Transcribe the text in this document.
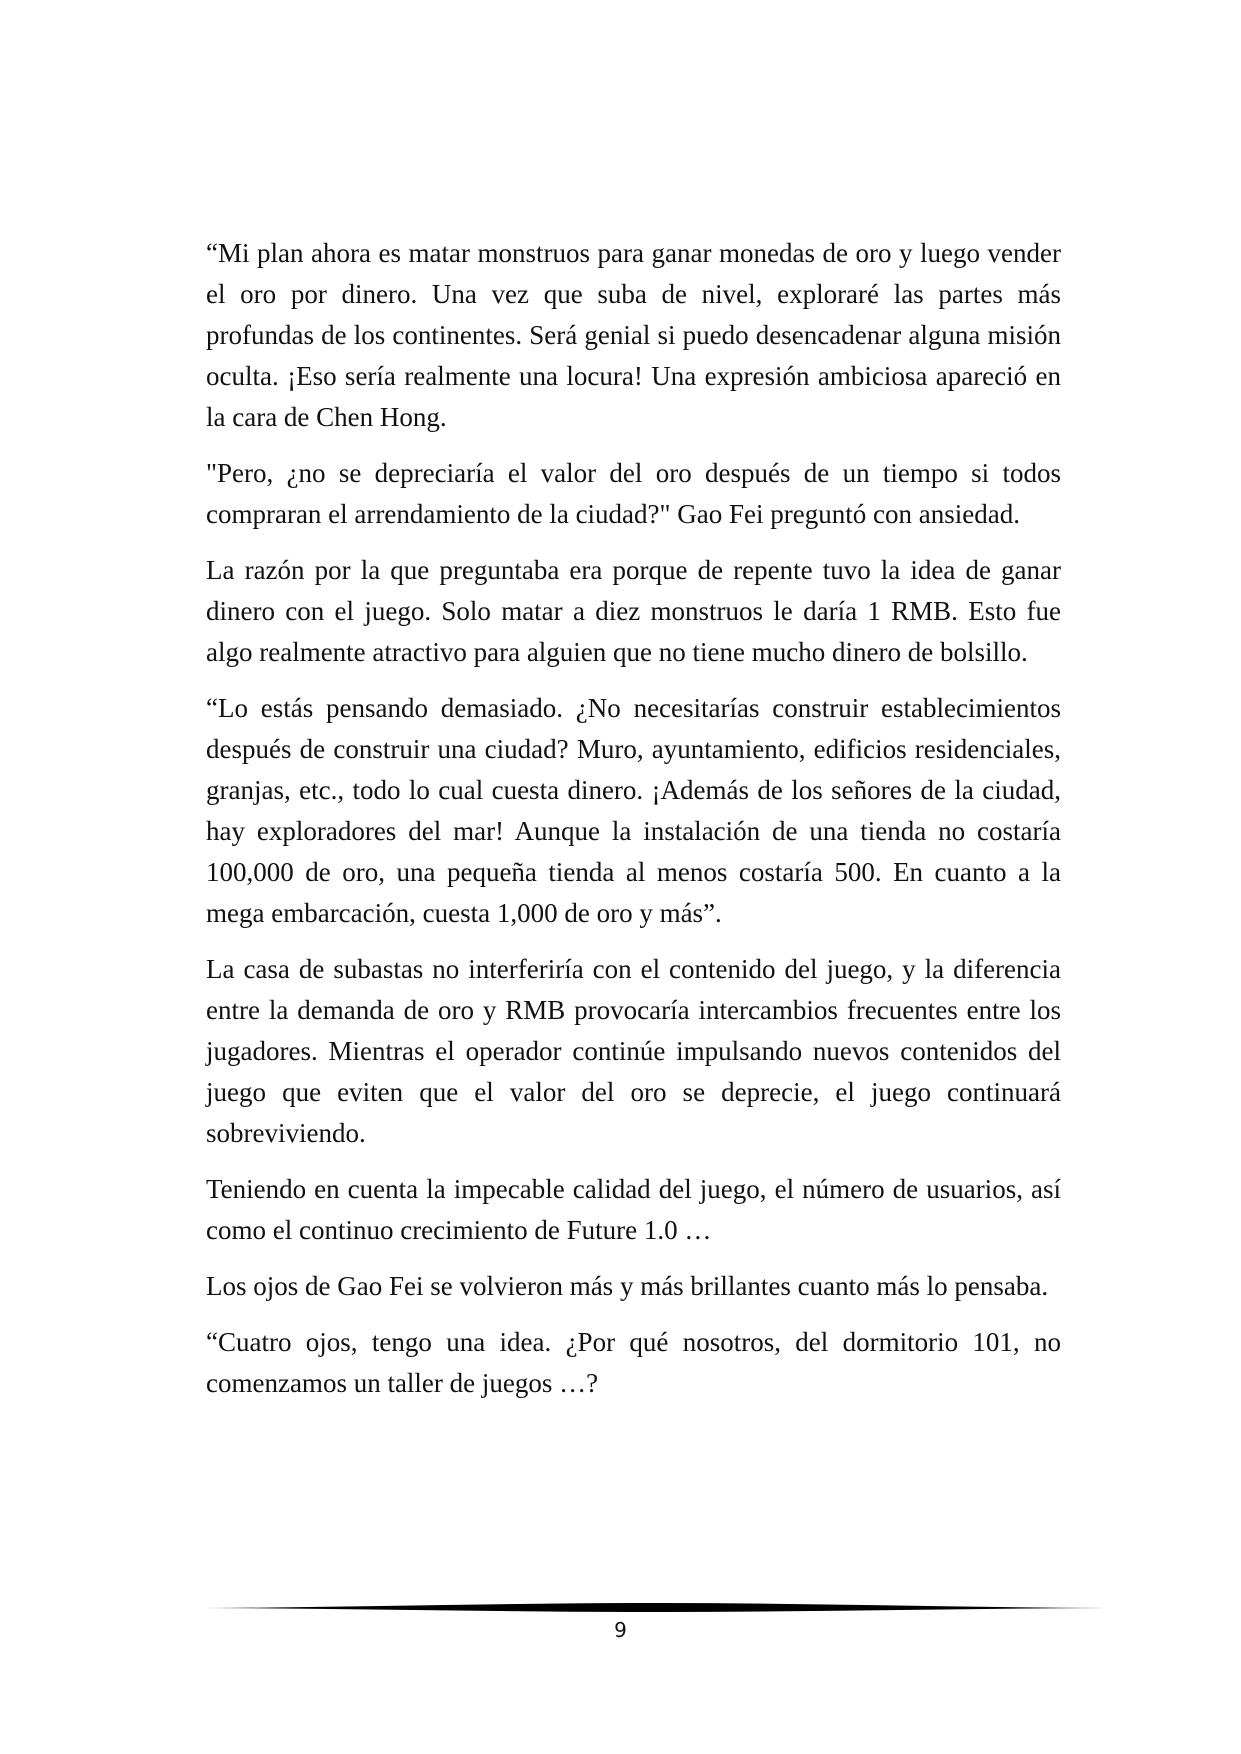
“Mi plan ahora es matar monstruos para ganar monedas de oro y luego vender el oro por dinero. Una vez que suba de nivel, exploraré las partes más profundas de los continentes. Será genial si puedo desencadenar alguna misión oculta. ¡Eso sería realmente una locura! Una expresión ambiciosa apareció en la cara de Chen Hong.

"Pero, ¿no se depreciaría el valor del oro después de un tiempo si todos compraran el arrendamiento de la ciudad?" Gao Fei preguntó con ansiedad.

La razón por la que preguntaba era porque de repente tuvo la idea de ganar dinero con el juego. Solo matar a diez monstruos le daría 1 RMB. Esto fue algo realmente atractivo para alguien que no tiene mucho dinero de bolsillo.

“Lo estás pensando demasiado. ¿No necesitarías construir establecimientos después de construir una ciudad? Muro, ayuntamiento, edificios residenciales, granjas, etc., todo lo cual cuesta dinero. ¡Además de los señores de la ciudad, hay exploradores del mar! Aunque la instalación de una tienda no costaría 100,000 de oro, una pequeña tienda al menos costaría 500. En cuanto a la mega embarcación, cuesta 1,000 de oro y más”.

La casa de subastas no interferiría con el contenido del juego, y la diferencia entre la demanda de oro y RMB provocaría intercambios frecuentes entre los jugadores. Mientras el operador continúe impulsando nuevos contenidos del juego que eviten que el valor del oro se deprecie, el juego continuará sobreviviendo.

Teniendo en cuenta la impecable calidad del juego, el número de usuarios, así como el continuo crecimiento de Future 1.0 …

Los ojos de Gao Fei se volvieron más y más brillantes cuanto más lo pensaba.

“Cuatro ojos, tengo una idea. ¿Por qué nosotros, del dormitorio 101, no comenzamos un taller de juegos …?

9
